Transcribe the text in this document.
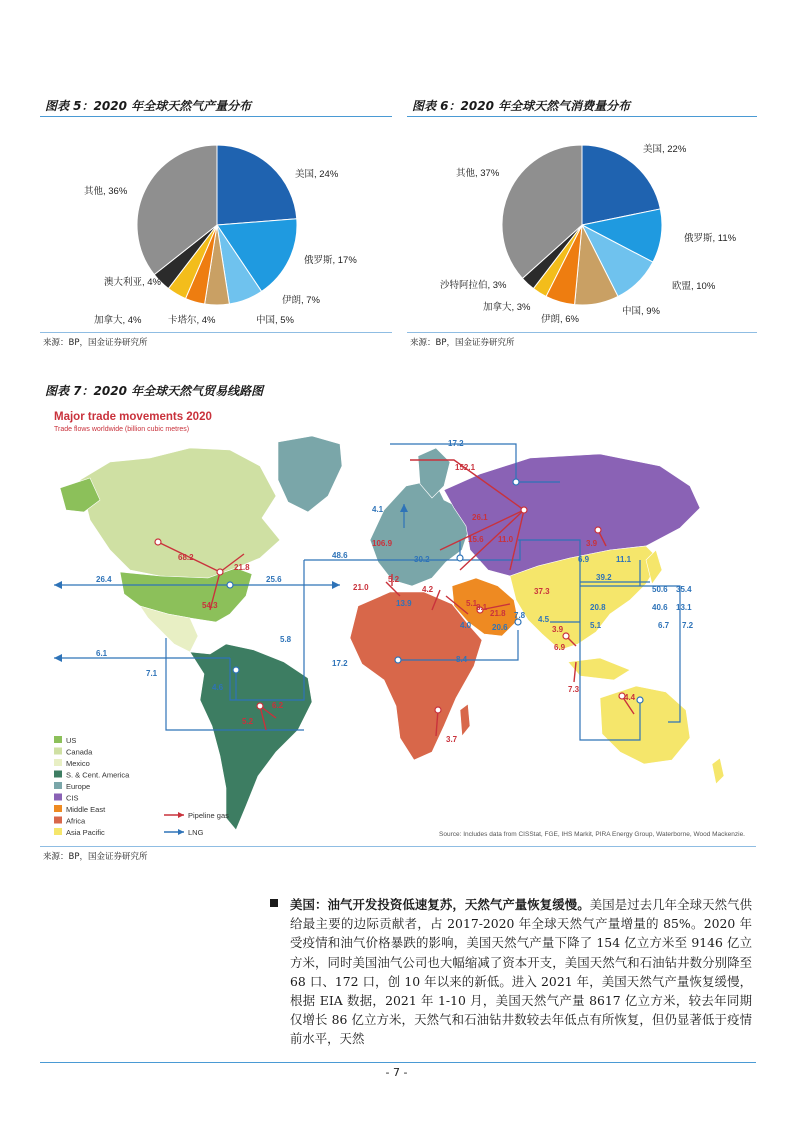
图表 5：2020 年全球天然气产量分布
美国, 24%
俄罗斯, 17%
伊朗, 7%
中国, 5%
卡塔尔, 4%
加拿大, 4%
澳大利亚, 4%
其他, 36%
来源：BP，国金证券研究所
图表 6：2020 年全球天然气消费量分布
美国, 22%
俄罗斯, 11%
欧盟, 10%
中国, 9%
伊朗, 6%
加拿大, 3%
沙特阿拉伯, 3%
其他, 37%
来源：BP，国金证券研究所
图表 7：2020 年全球天然气贸易线路图
Major trade movements 2020
Trade flows worldwide (billion cubic metres)
17.2
152.1
4.1
26.1
106.9	15.6 11.0	3.9
11.1
6.9
48.6	30.2
68.2
21.8
26.4	25.6
54.3
21.0
5.2
13.9
4.2
5.1
37.3
39.2
50.6 35.4
40.6 13.1
20.8
5.1	6.7 7.2
8.1
21.8
4.0
7.8
20.6
4.5
3.9
6.9
5.8
6.1
7.1
17.2	8.4
4.6	7.3
4.4
5.2
6.2
3.7
US
Canada
Mexico
S. & Cent. America
Europe
CIS
Middle East
Africa
Asia Pacific
Pipeline gas
LNG	Source: Includes data from CISStat, FGE, IHS Markit, PIRA Energy Group, Waterborne, Wood Mackenzie.
来源：BP，国金证券研究所
美国：油气开发投资低速复苏，天然气产量恢复缓慢。美国是过去几年全球天然气供给最主要的边际贡献者，占 2017-2020 年全球天然气产量增量的 85%。2020 年受疫情和油气价格暴跌的影响，美国天然气产量下降了 154 亿立方米至 9146 亿立方米，同时美国油气公司也大幅缩减了资本开支，美国天然气和石油钻井数分别降至 68 口、172 口，创 10 年以来的新低。进入 2021 年，美国天然气产量恢复缓慢，根据 EIA 数据，2021 年 1-10 月，美国天然气产量 8617 亿立方米，较去年同期仅增长 86 亿立方米，天然气和石油钻井数较去年低点有所恢复，但仍显著低于疫情前水平，天然
- 7 -
